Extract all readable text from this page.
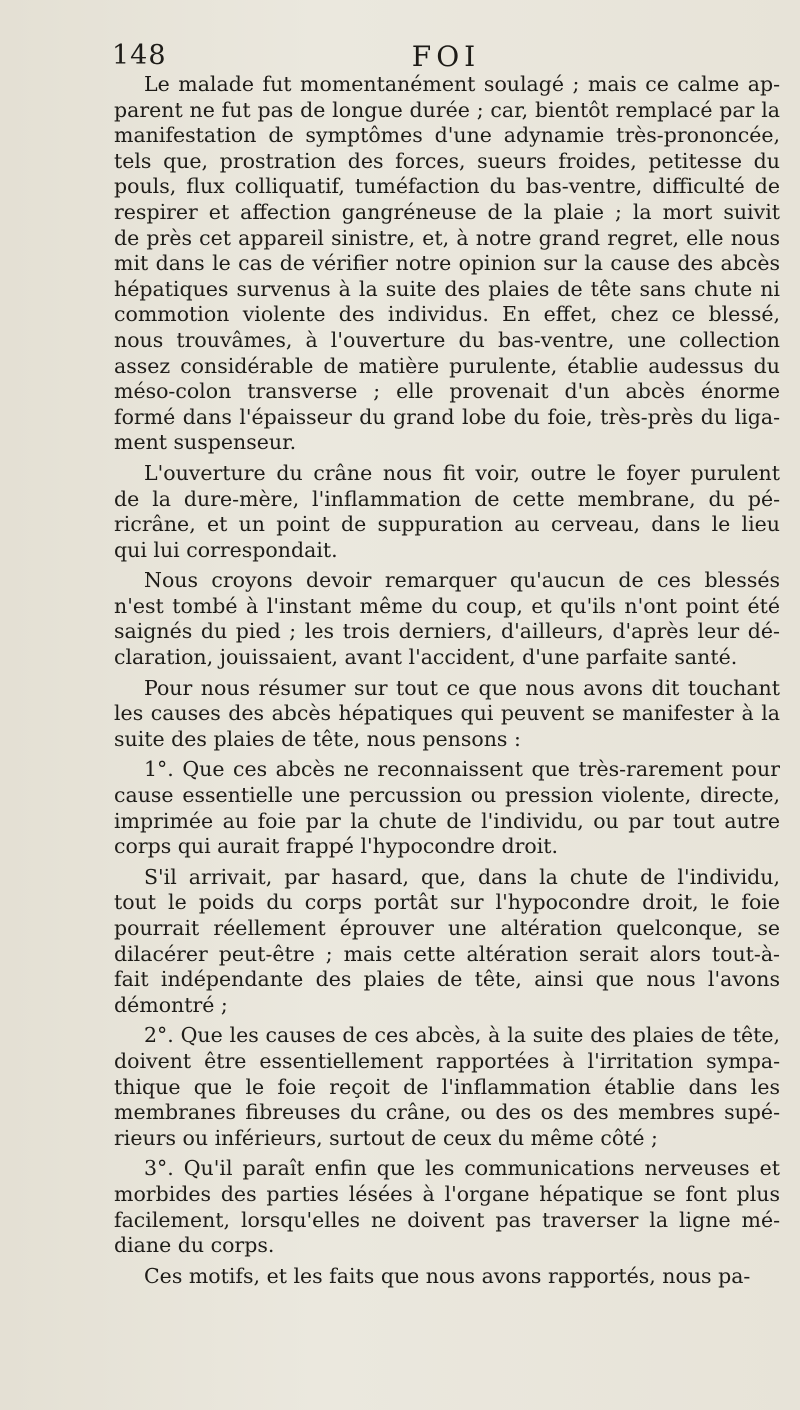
148	FOI
Le malade fut momentanément soulagé ; mais ce calme ap-
parent ne fut pas de longue durée ; car, bientôt remplacé par la
manifestation de symptômes d'une adynamie très-prononcée,
tels que, prostration des forces, sueurs froides, petitesse du
pouls, flux colliquatif, tuméfaction du bas-ventre, difficulté de
respirer et affection gangréneuse de la plaie ; la mort suivit
de près cet appareil sinistre, et, à notre grand regret, elle nous
mit dans le cas de vérifier notre opinion sur la cause des abcès
hépatiques survenus à la suite des plaies de tête sans chute ni
commotion violente des individus. En effet, chez ce blessé,
nous trouvâmes, à l'ouverture du bas-ventre, une collection
assez considérable de matière purulente, établie audessus du
méso-colon transverse ; elle provenait d'un abcès énorme
formé dans l'épaisseur du grand lobe du foie, très-près du liga-
ment suspenseur.
L'ouverture du crâne nous fit voir, outre le foyer purulent
de la dure-mère, l'inflammation de cette membrane, du pé-
ricrâne, et un point de suppuration au cerveau, dans le lieu
qui lui correspondait.
Nous croyons devoir remarquer qu'aucun de ces blessés
n'est tombé à l'instant même du coup, et qu'ils n'ont point été
saignés du pied ; les trois derniers, d'ailleurs, d'après leur dé-
claration, jouissaient, avant l'accident, d'une parfaite santé.
Pour nous résumer sur tout ce que nous avons dit touchant
les causes des abcès hépatiques qui peuvent se manifester à la
suite des plaies de tête, nous pensons :
1°. Que ces abcès ne reconnaissent que très-rarement pour
cause essentielle une percussion ou pression violente, directe,
imprimée au foie par la chute de l'individu, ou par tout autre
corps qui aurait frappé l'hypocondre droit.
S'il arrivait, par hasard, que, dans la chute de l'individu,
tout le poids du corps portât sur l'hypocondre droit, le foie
pourrait réellement éprouver une altération quelconque, se
dilacérer peut-être ; mais cette altération serait alors tout-à-
fait indépendante des plaies de tête, ainsi que nous l'avons
démontré ;
2°. Que les causes de ces abcès, à la suite des plaies de tête,
doivent être essentiellement rapportées à l'irritation sympa-
thique que le foie reçoit de l'inflammation établie dans les
membranes fibreuses du crâne, ou des os des membres supé-
rieurs ou inférieurs, surtout de ceux du même côté ;
3°. Qu'il paraît enfin que les communications nerveuses et
morbides des parties lésées à l'organe hépatique se font plus
facilement, lorsqu'elles ne doivent pas traverser la ligne mé-
diane du corps.
Ces motifs, et les faits que nous avons rapportés, nous pa-
